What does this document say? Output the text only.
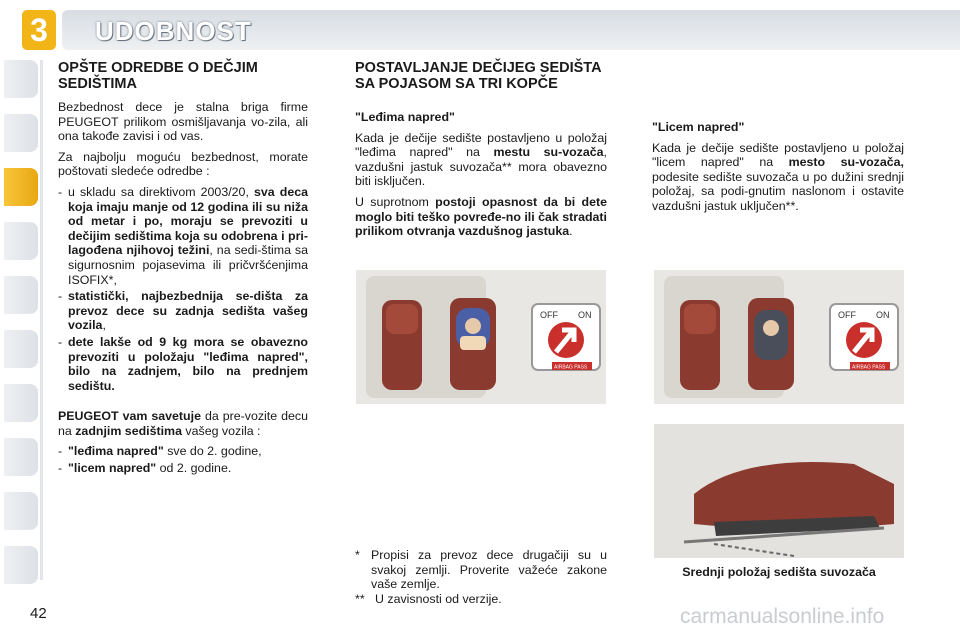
3	UDOBNOST
OPŠTE ODREDBE O DEČJIM SEDIŠTIMA

Bezbednost dece je stalna briga firme PEUGEOT prilikom osmišljavanja vo-zila, ali ona takođe zavisi i od vas.

Za najbolju moguću bezbednost, morate poštovati sledeće odredbe :

- u skladu sa direktivom 2003/20, sva deca koja imaju manje od 12 godina ili su niža od metar i po, moraju se prevoziti u dečijim sedištima koja su odobrena i pri-lagođena njihovoj težini, na sedi-štima sa sigurnosnim pojasevima ili pričvršćenjima ISOFIX*,
- statistički, najbezbednija se-dišta za prevoz dece su zadnja sedišta vašeg vozila,
- dete lakše od 9 kg mora se obavezno prevoziti u položaju "leđima napred", bilo na zadnjem, bilo na prednjem sedištu.

PEUGEOT vam savetuje da pre-vozite decu na zadnjim sedištima vašeg vozila :

- "leđima napred" sve do 2. godine,
- "licem napred" od 2. godine.
POSTAVLJANJE DEČIJEG SEDIŠTA SA POJASOM SA TRI KOPČE
"Leđima napred"

Kada je dečije sedište postavljeno u položaj "leđima napred" na mestu su-vozača, vazdušni jastuk suvozača** mora obavezno biti isključen.

U suprotnom postoji opasnost da bi dete moglo biti teško povređe-no ili čak stradati prilikom otvranja vazdušnog jastuka.

"Licem napred"

Kada je dečije sedište postavljeno u položaj "licem napred" na mesto su-vozača, podesite sedište suvozača u po dužini srednji položaj, sa podi-gnutim naslonom i ostavite vazdušni jastuk uključen**.

OFF ON
AIRBAG PASS
OFF ON
AIRBAG PASS
Srednji položaj sedišta suvozača
* Propisi za prevoz dece drugačiji su u svakoj zemlji. Proverite važeće zakone vaše zemlje.
** U zavisnosti od verzije.
42	carmanualsonline.info
